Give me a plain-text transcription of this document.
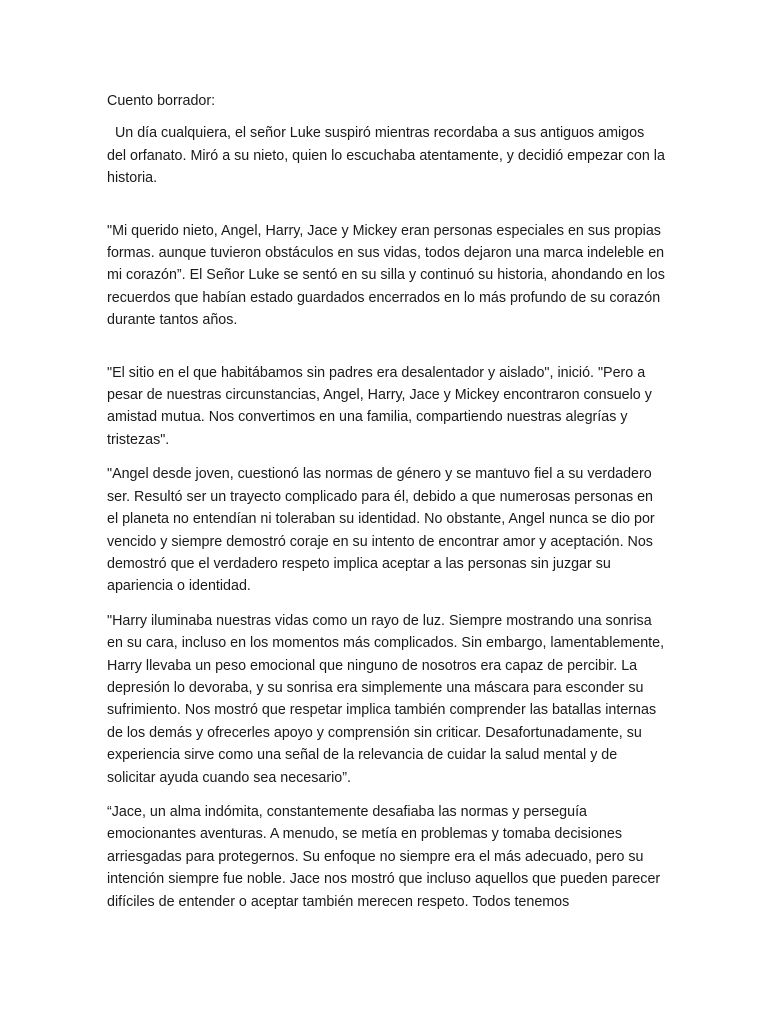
Cuento borrador:

Un día cualquiera, el señor Luke suspiró mientras recordaba a sus antiguos amigos del orfanato. Miró a su nieto, quien lo escuchaba atentamente, y decidió empezar con la historia.

"Mi querido nieto, Angel, Harry, Jace y Mickey eran personas especiales en sus propias formas. aunque tuvieron obstáculos en sus vidas, todos dejaron una marca indeleble en mi corazón”. El Señor Luke se sentó en su silla y continuó su historia, ahondando en los recuerdos que habían estado guardados encerrados en lo más profundo de su corazón durante tantos años.

"El sitio en el que habitábamos sin padres era desalentador y aislado", inició. "Pero a pesar de nuestras circunstancias, Angel, Harry, Jace y Mickey encontraron consuelo y amistad mutua. Nos convertimos en una familia, compartiendo nuestras alegrías y tristezas".

"Angel desde joven, cuestionó las normas de género y se mantuvo fiel a su verdadero ser. Resultó ser un trayecto complicado para él, debido a que numerosas personas en el planeta no entendían ni toleraban su identidad. No obstante, Angel nunca se dio por vencido y siempre demostró coraje en su intento de encontrar amor y aceptación. Nos demostró que el verdadero respeto implica aceptar a las personas sin juzgar su apariencia o identidad.

"Harry iluminaba nuestras vidas como un rayo de luz. Siempre mostrando una sonrisa en su cara, incluso en los momentos más complicados. Sin embargo, lamentablemente, Harry llevaba un peso emocional que ninguno de nosotros era capaz de percibir. La depresión lo devoraba, y su sonrisa era simplemente una máscara para esconder su sufrimiento. Nos mostró que respetar implica también comprender las batallas internas de los demás y ofrecerles apoyo y comprensión sin criticar. Desafortunadamente, su experiencia sirve como una señal de la relevancia de cuidar la salud mental y de solicitar ayuda cuando sea necesario”.

“Jace, un alma indómita, constantemente desafiaba las normas y perseguía emocionantes aventuras. A menudo, se metía en problemas y tomaba decisiones arriesgadas para protegernos. Su enfoque no siempre era el más adecuado, pero su intención siempre fue noble. Jace nos mostró que incluso aquellos que pueden parecer difíciles de entender o aceptar también merecen respeto. Todos tenemos
